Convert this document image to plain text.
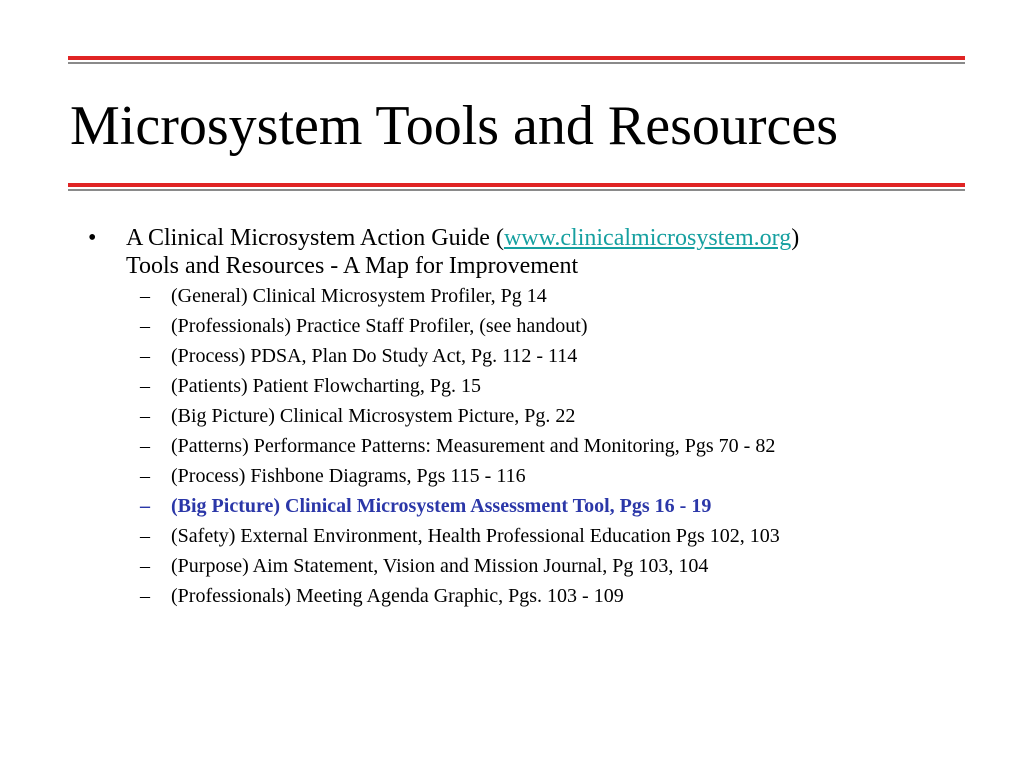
Microsystem Tools and Resources
•	A Clinical Microsystem Action Guide (www.clinicalmicrosystem.org)
Tools and Resources - A Map for Improvement
–	(General) Clinical Microsystem Profiler, Pg 14
–	(Professionals) Practice Staff Profiler, (see handout)
–	(Process) PDSA, Plan Do Study Act, Pg. 112 - 114
–	(Patients) Patient Flowcharting, Pg. 15
–	(Big Picture) Clinical Microsystem Picture, Pg. 22
–	(Patterns) Performance Patterns: Measurement and Monitoring, Pgs 70 - 82
–	(Process) Fishbone Diagrams, Pgs 115 - 116
–	(Big Picture) Clinical Microsystem Assessment Tool, Pgs 16 - 19
–	(Safety) External Environment, Health Professional Education Pgs 102, 103
–	(Purpose) Aim Statement, Vision and Mission Journal, Pg 103, 104
–	(Professionals) Meeting Agenda Graphic, Pgs. 103 - 109
